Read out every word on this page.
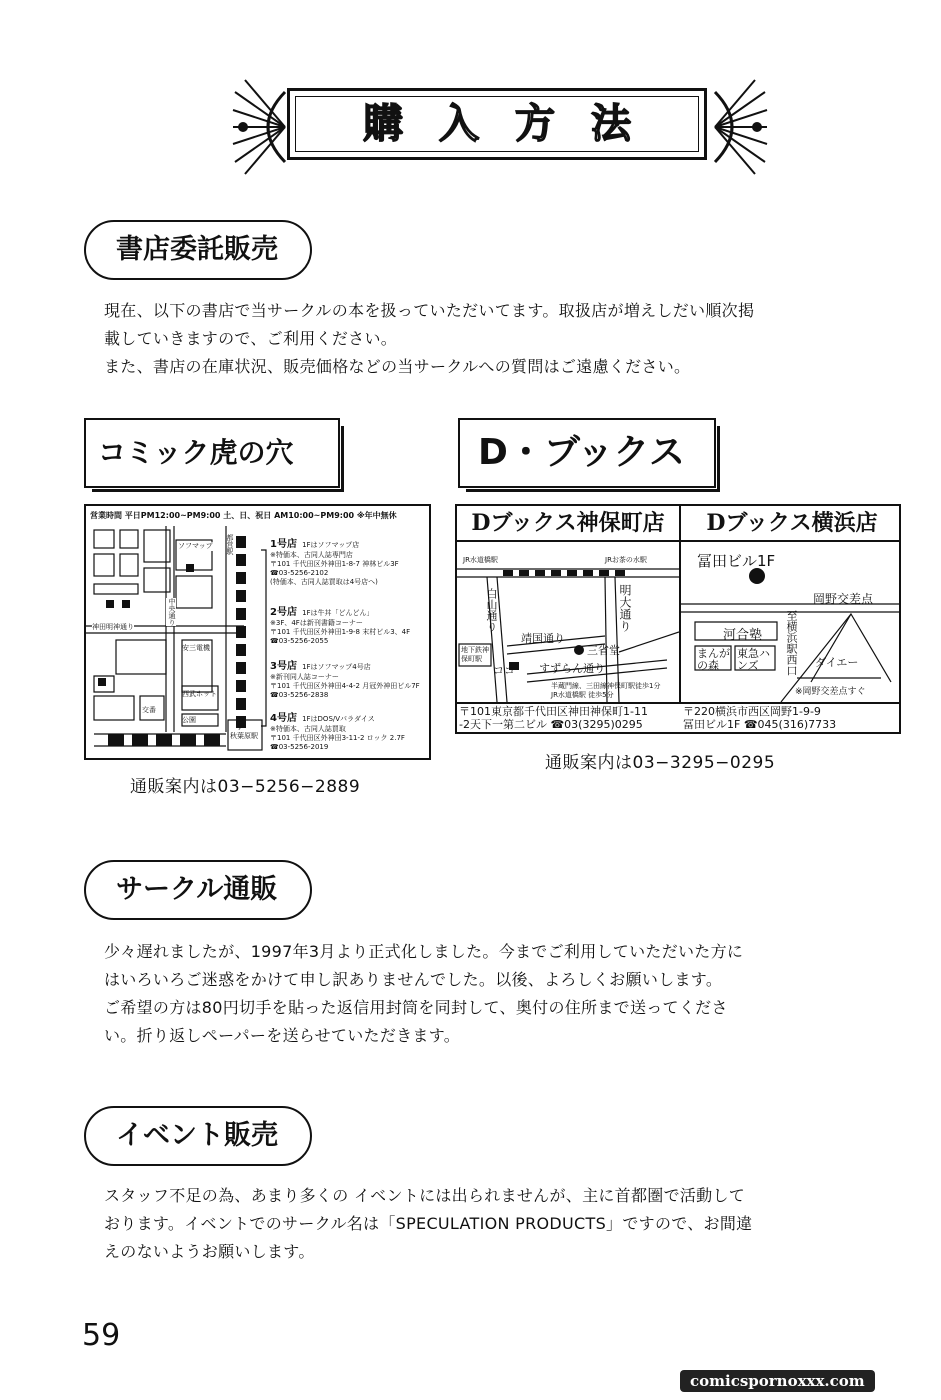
購入方法
書店委託販売
現在、以下の書店で当サークルの本を扱っていただいてます。取扱店が増えしだい順次掲
載していきますので、ご利用ください。
また、書店の在庫状況、販売価格などの当サークルへの質問はご遠慮ください。
コミック虎の穴	D・ブックス
営業時間 平日PM12:00~PM9:00 土、日、祝日 AM10:00~PM9:00 ※年中無休
神田明神通り
中央通り
ソフマップ
安三電機
西武ホット
公園
交番
都営駅
JR
秋葉原駅
1号店 1Fはソフマップ店
※特価本、古同人誌専門店
〒101 千代田区外神田1-8-7 神林ビル3F
☎03-5256-2102
(特価本、古同人誌買取は4号店へ)
2号店 1Fは牛丼「どんどん」
※3F、4Fは新刊書籍コーナー
〒101 千代田区外神田1-9-8 末村ビル3、4F
☎03-5256-2055
3号店 1Fはソフマップ4号店
※新刊同人誌コーナー
〒101 千代田区外神田4-4-2 月冠外神田ビル7F
☎03-5256-2838
4号店 1FはDOS/Vパラダイス
※特価本、古同人誌買取
〒101 千代田区外神田3-11-2 ロック 2.7F
☎03-5256-2019
通販案内は03−5256−2889
Dブックス神保町店	Dブックス横浜店
JR水道橋駅	JRお茶の水駅
白山通り	明大通り
靖国通り
すずらん通り
地下鉄神保町駅
三省堂
ココ
半蔵門線、三田線神保町駅徒歩1分
JR水道橋駅 徒歩5分
冨田ビル1F
岡野交差点
河合塾
まんがの森
東急ハンズ	ダイエー
至横浜駅西口
※岡野交差点すぐ
〒101東京都千代田区神田神保町1-11
-2天下一第二ビル ☎03(3295)0295
〒220横浜市西区岡野1-9-9
冨田ビル1F ☎045(316)7733
通販案内は03−3295−0295
サークル通販
少々遅れましたが、1997年3月より正式化しました。今までご利用していただいた方に
はいろいろご迷惑をかけて申し訳ありませんでした。以後、よろしくお願いします。
ご希望の方は80円切手を貼った返信用封筒を同封して、奥付の住所まで送ってくださ
い。折り返しペーパーを送らせていただきます。
イベント販売
スタッフ不足の為、あまり多くの イベントには出られませんが、主に首都圏で活動して
おります。イベントでのサークル名は「SPECULATION PRODUCTS」ですので、お間違
えのないようお願いします。
59
comicspornoxxx.com
